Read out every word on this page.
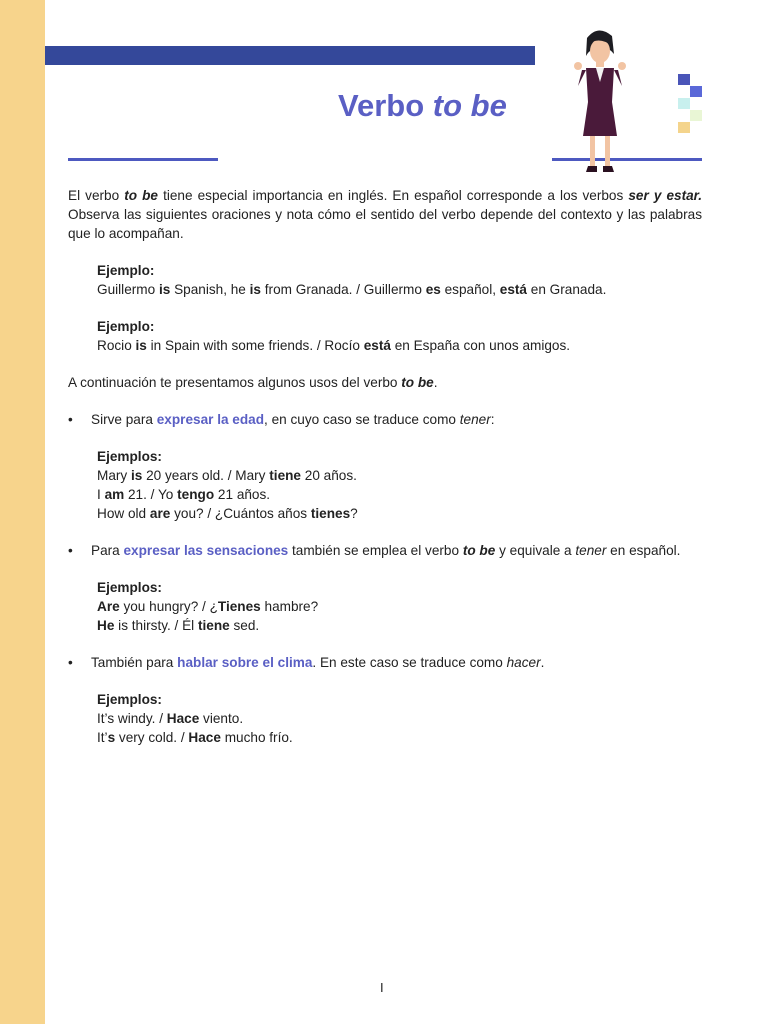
Verbo to be

El verbo to be tiene especial importancia en inglés. En español corresponde a los verbos ser y estar. Observa las siguientes oraciones y nota cómo el sentido del verbo depende del contexto y las palabras que lo acompañan.

Ejemplo:

Guillermo is Spanish, he is from Granada. / Guillermo es español, está en Granada.

Ejemplo:

Rocio is in Spain with some friends. / Rocío está en España con unos amigos.

A continuación te presentamos algunos usos del verbo to be.

• Sirve para expresar la edad, en cuyo caso se traduce como tener:

Ejemplos:

Mary is 20 years old. / Mary tiene 20 años.

I am 21. / Yo tengo 21 años.

How old are you? / ¿Cuántos años tienes?

• Para expresar las sensaciones también se emplea el verbo to be y equivale a tener en español.

Ejemplos:

Are you hungry? / ¿Tienes hambre?

He is thirsty. / Él tiene sed.

• También para hablar sobre el clima. En este caso se traduce como hacer.

Ejemplos:

It’s windy. / Hace viento.

It’s very cold. / Hace mucho frío.

I
